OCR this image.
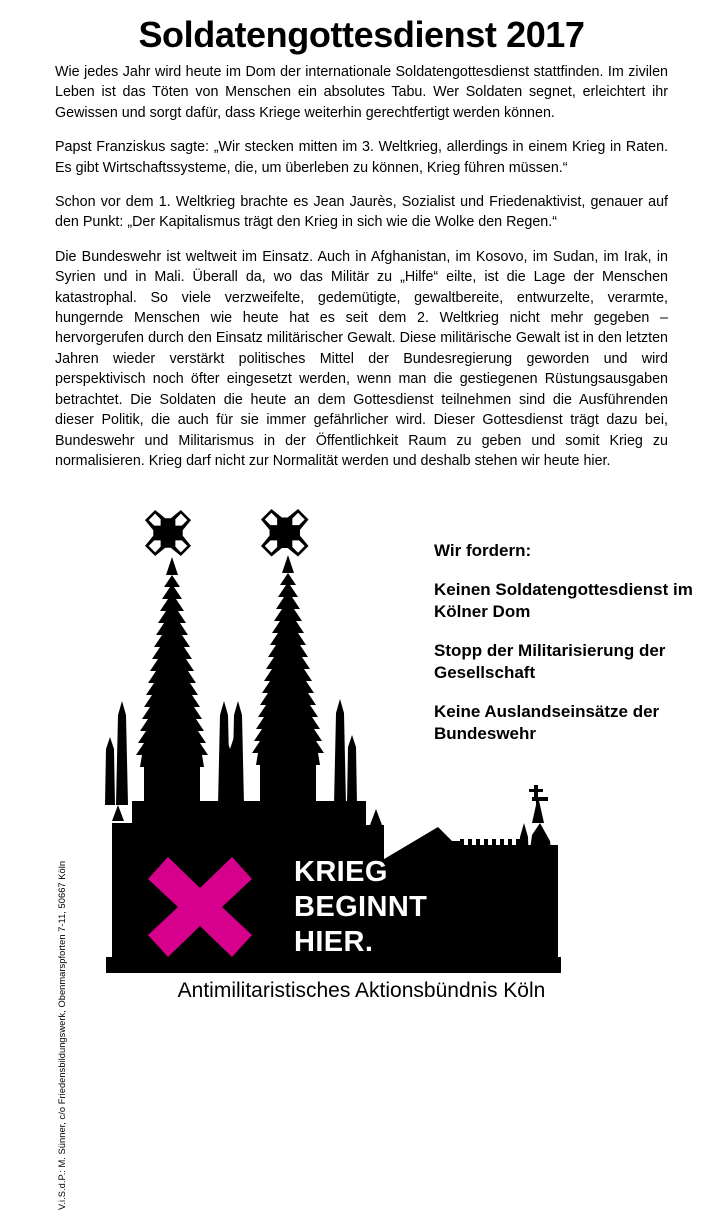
Soldatengottesdienst 2017

Wie jedes Jahr wird heute im Dom der internationale Soldatengottesdienst stattfinden. Im zivilen Leben ist das Töten von Menschen ein absolutes Tabu. Wer Soldaten segnet, erleichtert ihr Gewissen und sorgt dafür, dass Kriege weiterhin gerechtfertigt werden können.

Papst Franziskus sagte: „Wir stecken mitten im 3. Weltkrieg, allerdings in einem Krieg in Raten. Es gibt Wirtschaftssysteme, die, um überleben zu können, Krieg führen müssen.“

Schon vor dem 1. Weltkrieg brachte es Jean Jaurès, Sozialist und Friedenaktivist, genauer auf den Punkt: „Der Kapitalismus trägt den Krieg in sich wie die Wolke den Regen.“

Die Bundeswehr ist weltweit im Einsatz. Auch in Afghanistan, im Kosovo, im Sudan, im Irak, in Syrien und in Mali. Überall da, wo das Militär zu „Hilfe“ eilte, ist die Lage der Menschen katastrophal. So viele verzweifelte, gedemütigte, gewaltbereite, entwurzelte, verarmte, hungernde Menschen wie heute hat es seit dem 2. Weltkrieg nicht mehr gegeben – hervorgerufen durch den Einsatz militärischer Gewalt. Diese militärische Gewalt ist in den letzten Jahren wieder verstärkt politisches Mittel der Bundesregierung geworden und wird perspektivisch noch öfter eingesetzt werden, wenn man die gestiegenen Rüstungsausgaben betrachtet. Die Soldaten die heute an dem Gottesdienst teilnehmen sind die Ausführenden dieser Politik, die auch für sie immer gefährlicher wird. Dieser Gottesdienst trägt dazu bei, Bundeswehr und Militarismus in der Öffentlichkeit Raum zu geben und somit Krieg zu normalisieren. Krieg darf nicht zur Normalität werden und deshalb stehen wir heute hier.

V.i.S.d.P.: M. Sünner, c/o Friedensbildungswerk, Obenmarspforten 7-11, 50667 Köln	KRIEG
BEGINNT
HIER.
Wir fordern:
Keinen Soldatengottesdienst im Kölner Dom
Stopp der Militarisierung der Gesellschaft
Keine Auslandseinsätze der Bundeswehr
Antimilitaristisches Aktionsbündnis Köln
